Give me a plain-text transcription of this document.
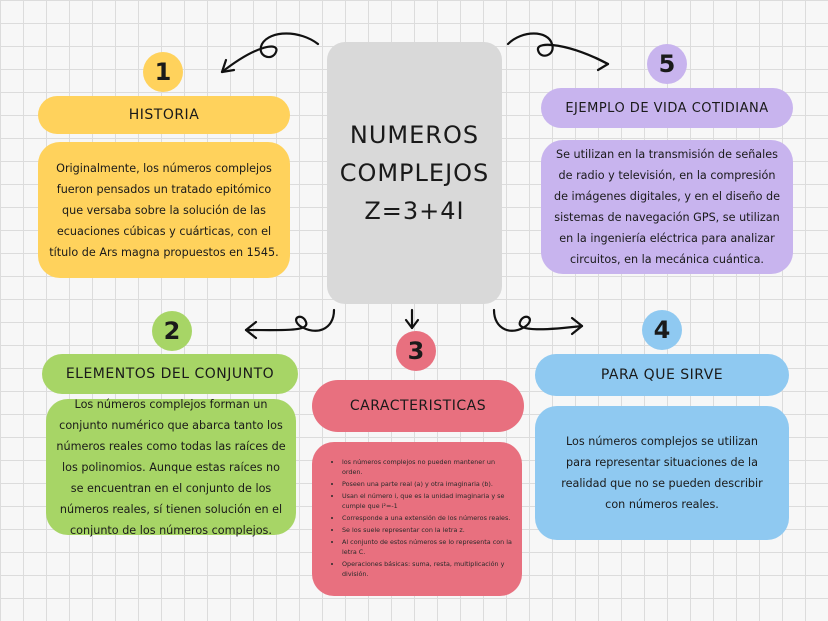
NUMEROS
COMPLEJOS
Z=3+4I
1
HISTORIA
Originalmente, los números complejos fueron pensados un tratado epitómico que versaba sobre la solución de las ecuaciones cúbicas y cuárticas, con el título de Ars magna propuestos en 1545.
5
EJEMPLO DE VIDA COTIDIANA
Se utilizan en la transmisión de señales de radio y televisión, en la compresión de imágenes digitales, y en el diseño de sistemas de navegación GPS, se utilizan en la ingeniería eléctrica para analizar circuitos, en la mecánica cuántica.
2
ELEMENTOS DEL CONJUNTO
Los números complejos forman un conjunto numérico que abarca tanto los números reales como todas las raíces de los polinomios. Aunque estas raíces no se encuentran en el conjunto de los números reales, sí tienen solución en el conjunto de los números complejos.
3
CARACTERISTICAS
• los números complejos no pueden mantener un orden.
• Poseen una parte real (a) y otra imaginaria (b).
• Usan el número i, que es la unidad imaginaria y se cumple que i²=-1
• Corresponde a una extensión de los números reales.
• Se los suele representar con la letra z.
• Al conjunto de estos números se lo representa con la letra C.
• Operaciones básicas: suma, resta, multiplicación y división.
4
PARA QUE SIRVE
Los números complejos se utilizan para representar situaciones de la realidad que no se pueden describir con números reales.
